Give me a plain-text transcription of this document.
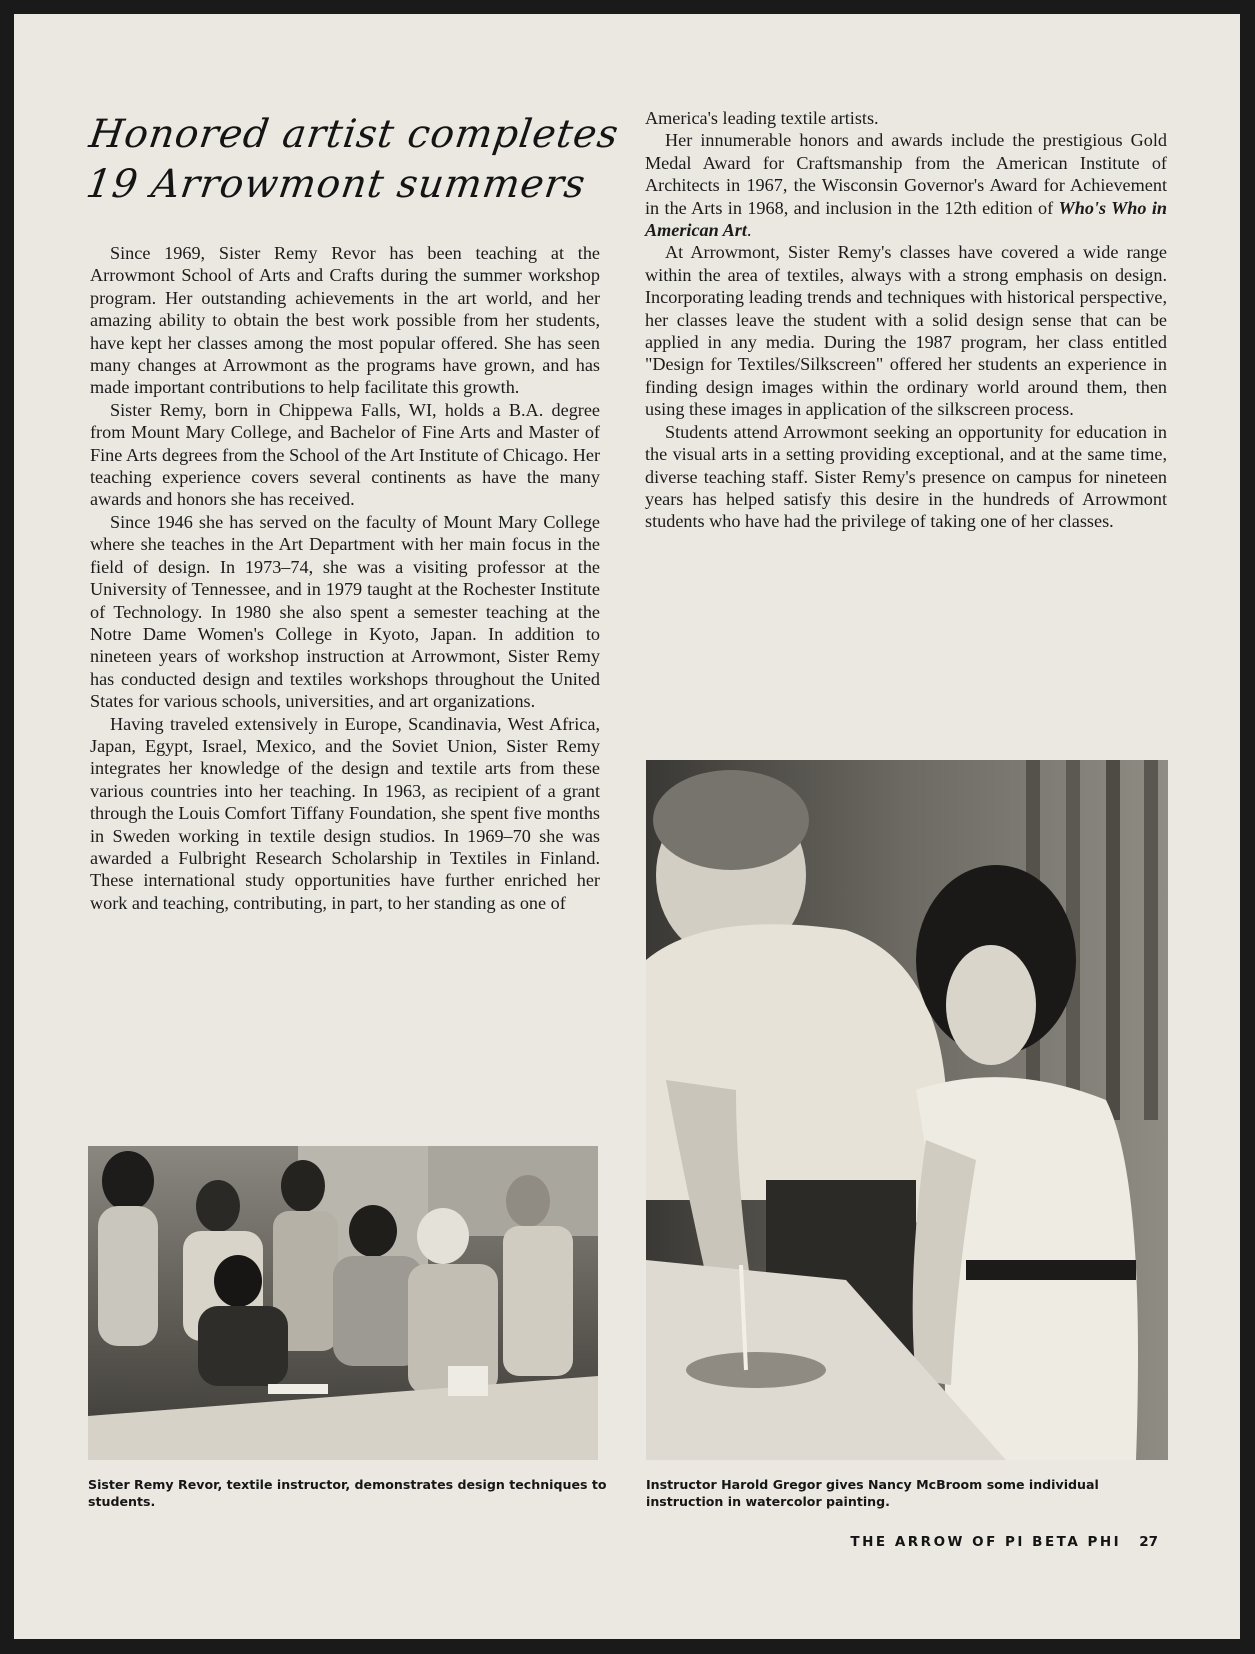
Honored artist completes
19 Arrowmont summers

Since 1969, Sister Remy Revor has been teaching at the Arrowmont School of Arts and Crafts during the summer workshop program. Her outstanding achievements in the art world, and her amazing ability to obtain the best work possible from her students, have kept her classes among the most popular offered. She has seen many changes at Arrowmont as the programs have grown, and has made important contributions to help facilitate this growth.

Sister Remy, born in Chippewa Falls, WI, holds a B.A. degree from Mount Mary College, and Bachelor of Fine Arts and Master of Fine Arts degrees from the School of the Art Institute of Chicago. Her teaching experience covers several continents as have the many awards and honors she has received.

Since 1946 she has served on the faculty of Mount Mary College where she teaches in the Art Department with her main focus in the field of design. In 1973–74, she was a visiting professor at the University of Tennessee, and in 1979 taught at the Rochester Institute of Technology. In 1980 she also spent a semester teaching at the Notre Dame Women's College in Kyoto, Japan. In addition to nineteen years of workshop instruction at Arrowmont, Sister Remy has conducted design and textiles workshops throughout the United States for various schools, universities, and art organizations.

Having traveled extensively in Europe, Scandinavia, West Africa, Japan, Egypt, Israel, Mexico, and the Soviet Union, Sister Remy integrates her knowledge of the design and textile arts from these various countries into her teaching. In 1963, as recipient of a grant through the Louis Comfort Tiffany Foundation, she spent five months in Sweden working in textile design studios. In 1969–70 she was awarded a Fulbright Research Scholarship in Textiles in Finland. These international study opportunities have further enriched her work and teaching, contributing, in part, to her standing as one of

America's leading textile artists.

Her innumerable honors and awards include the prestigious Gold Medal Award for Craftsmanship from the American Institute of Architects in 1967, the Wisconsin Governor's Award for Achievement in the Arts in 1968, and inclusion in the 12th edition of Who's Who in American Art.

At Arrowmont, Sister Remy's classes have covered a wide range within the area of textiles, always with a strong emphasis on design. Incorporating leading trends and techniques with historical perspective, her classes leave the student with a solid design sense that can be applied in any media. During the 1987 program, her class entitled "Design for Textiles/Silkscreen" offered her students an experience in finding design images within the ordinary world around them, then using these images in application of the silkscreen process.

Students attend Arrowmont seeking an opportunity for education in the visual arts in a setting providing exceptional, and at the same time, diverse teaching staff. Sister Remy's presence on campus for nineteen years has helped satisfy this desire in the hundreds of Arrowmont students who have had the privilege of taking one of her classes.

Sister Remy Revor, textile instructor, demonstrates design techniques to students.
Instructor Harold Gregor gives Nancy McBroom some individual instruction in watercolor painting.
THE ARROW OF PI BETA PHI 27
